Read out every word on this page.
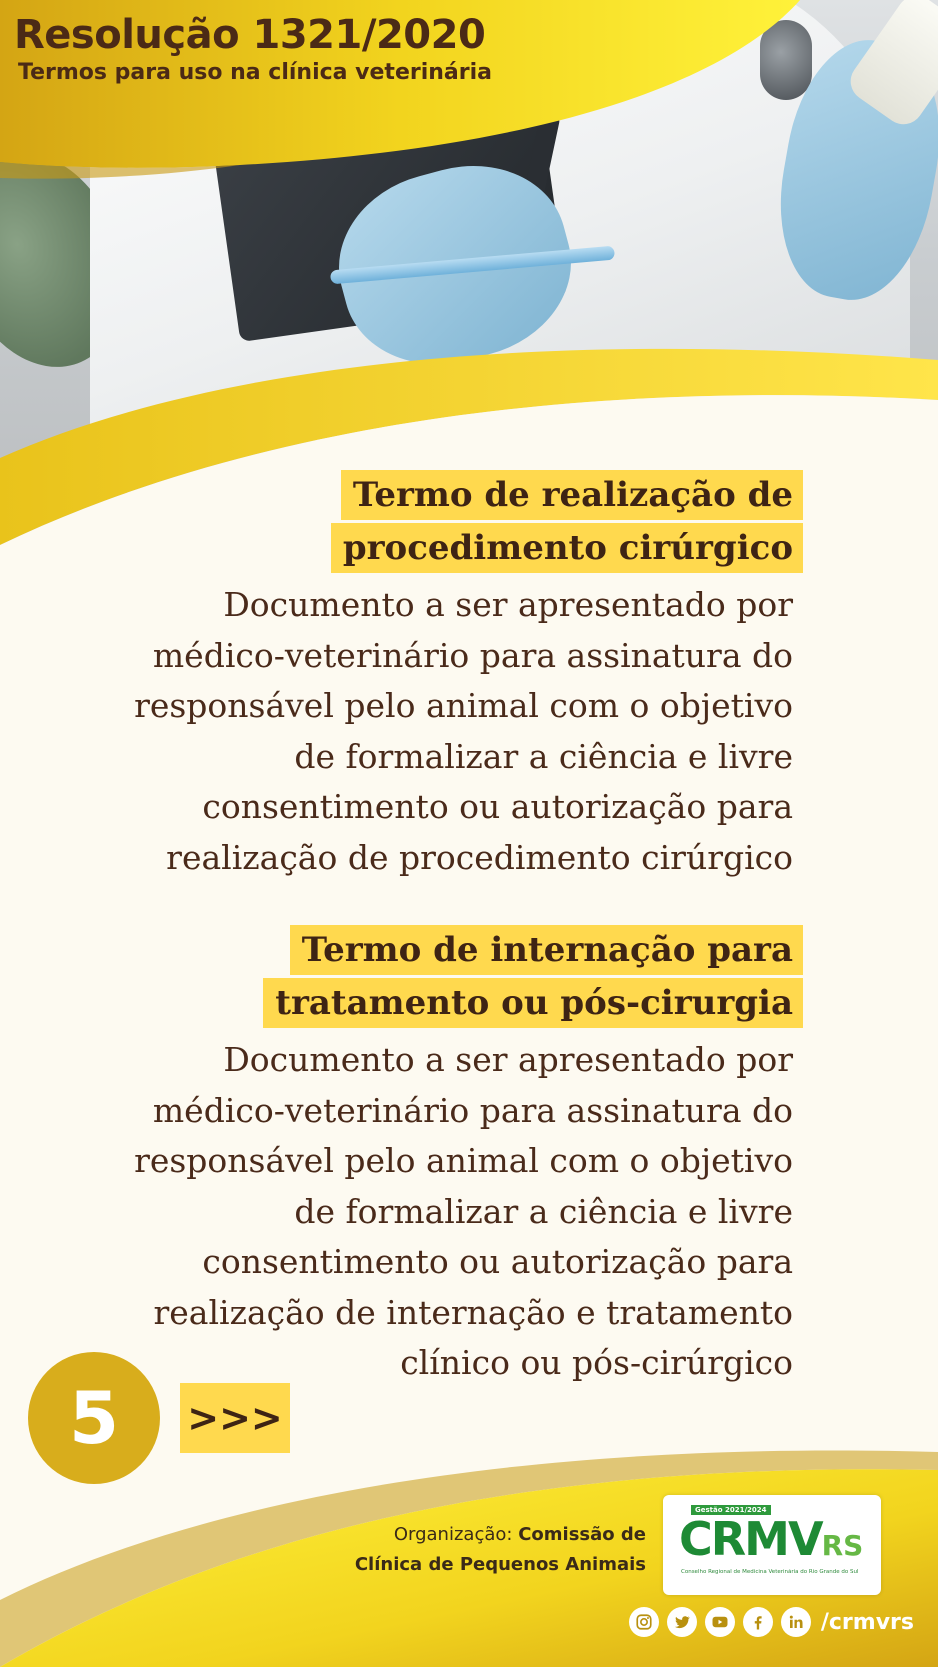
Resolução 1321/2020
Termos para uso na clínica veterinária
Termo de realização de
procedimento cirúrgico
Documento a ser apresentado por
médico-veterinário para assinatura do
responsável pelo animal com o objetivo
de formalizar a ciência e livre
consentimento ou autorização para
realização de procedimento cirúrgico
Termo de internação para
tratamento ou pós-cirurgia
Documento a ser apresentado por
médico-veterinário para assinatura do
responsável pelo animal com o objetivo
de formalizar a ciência e livre
consentimento ou autorização para
realização de internação e tratamento
clínico ou pós-cirúrgico
5	>>>
Organização: Comissão de
Clínica de Pequenos Animais
Gestão 2021/2024
CRMVRS
Conselho Regional de Medicina Veterinária do Rio Grande do Sul
/crmvrs
